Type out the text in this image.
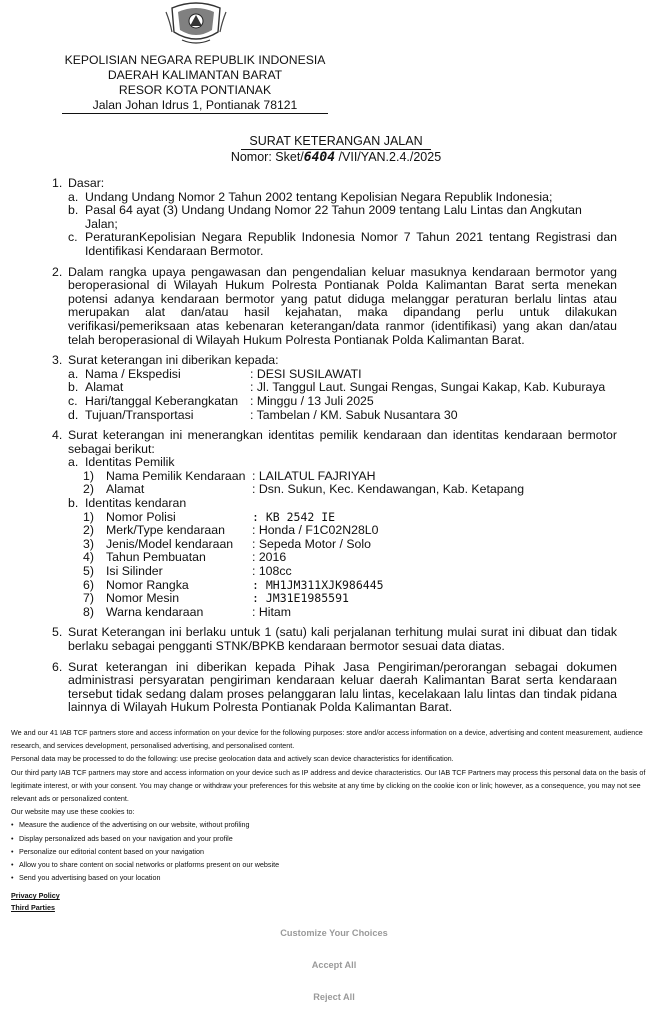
KEPOLISIAN NEGARA REPUBLIK INDONESIA
DAERAH KALIMANTAN BARAT
RESOR KOTA PONTIANAK
Jalan Johan Idrus 1, Pontianak 78121
SURAT KETERANGAN JALAN
Nomor: Sket/6404 /VII/YAN.2.4./2025
1. Dasar:
a. Undang Undang Nomor 2 Tahun 2002 tentang Kepolisian Negara Republik Indonesia;
b. Pasal 64 ayat (3) Undang Undang Nomor 22 Tahun 2009 tentang Lalu Lintas dan Angkutan Jalan;
c. PeraturanKepolisian Negara Republik Indonesia Nomor 7 Tahun 2021 tentang Registrasi dan Identifikasi Kendaraan Bermotor.
2. Dalam rangka upaya pengawasan dan pengendalian keluar masuknya kendaraan bermotor yang beroperasional di Wilayah Hukum Polresta Pontianak Polda Kalimantan Barat serta menekan potensi adanya kendaraan bermotor yang patut diduga melanggar peraturan berlalu lintas atau merupakan alat dan/atau hasil kejahatan, maka dipandang perlu untuk dilakukan verifikasi/pemeriksaan atas kebenaran keterangan/data ranmor (identifikasi) yang akan dan/atau telah beroperasional di Wilayah Hukum Polresta Pontianak Polda Kalimantan Barat.
3. Surat keterangan ini diberikan kepada:
a. Nama / Ekspedisi	: DESI SUSILAWATI
b. Alamat	: Jl. Tanggul Laut. Sungai Rengas, Sungai Kakap, Kab. Kuburaya
c. Hari/tanggal Keberangkatan : Minggu / 13 Juli 2025
d. Tujuan/Transportasi	: Tambelan / KM. Sabuk Nusantara 30
4. Surat keterangan ini menerangkan identitas pemilik kendaraan dan identitas kendaraan bermotor sebagai berikut:
a. Identitas Pemilik
1) Nama Pemilik Kendaraan : LAILATUL FAJRIYAH
2) Alamat	: Dsn. Sukun, Kec. Kendawangan, Kab. Ketapang
b. Identitas kendaran
1) Nomor Polisi	: KB 2542 IE
2) Merk/Type kendaraan : Honda / F1C02N28L0
3) Jenis/Model kendaraan : Sepeda Motor / Solo
4) Tahun Pembuatan	: 2016
5) Isi Silinder	: 108cc
6) Nomor Rangka	: MH1JM311XJK986445
7) Nomor Mesin	: JM31E1985591
8) Warna kendaraan	: Hitam
5. Surat Keterangan ini berlaku untuk 1 (satu) kali perjalanan terhitung mulai surat ini dibuat dan tidak berlaku sebagai pengganti STNK/BPKB kendaraan bermotor sesuai data diatas.
6. Surat keterangan ini diberikan kepada Pihak Jasa Pengiriman/perorangan sebagai dokumen administrasi persyaratan pengiriman kendaraan keluar daerah Kalimantan Barat serta kendaraan tersebut tidak sedang dalam proses pelanggaran lalu lintas, kecelakaan lalu lintas dan tindak pidana lainnya di Wilayah Hukum Polresta Pontianak Polda Kalimantan Barat.

We and our 41 IAB TCF partners store and access information on your device for the following purposes: store and/or access information on a device, advertising and content measurement, audience research, and services development, personalised advertising, and personalised content.

Personal data may be processed to do the following: use precise geolocation data and actively scan device characteristics for identification.

Our third party IAB TCF partners may store and access information on your device such as IP address and device characteristics. Our IAB TCF Partners may process this personal data on the basis of legitimate interest, or with your consent. You may change or withdraw your preferences for this website at any time by clicking on the cookie icon or link; however, as a consequence, you may not see relevant ads or personalized content.

Our website may use these cookies to:

• Measure the audience of the advertising on our website, without profiling
• Display personalized ads based on your navigation and your profile
• Personalize our editorial content based on your navigation
• Allow you to share content on social networks or platforms present on our website
• Send you advertising based on your location
Privacy Policy
Third Parties
Customize Your Choices
Accept All
Reject All
